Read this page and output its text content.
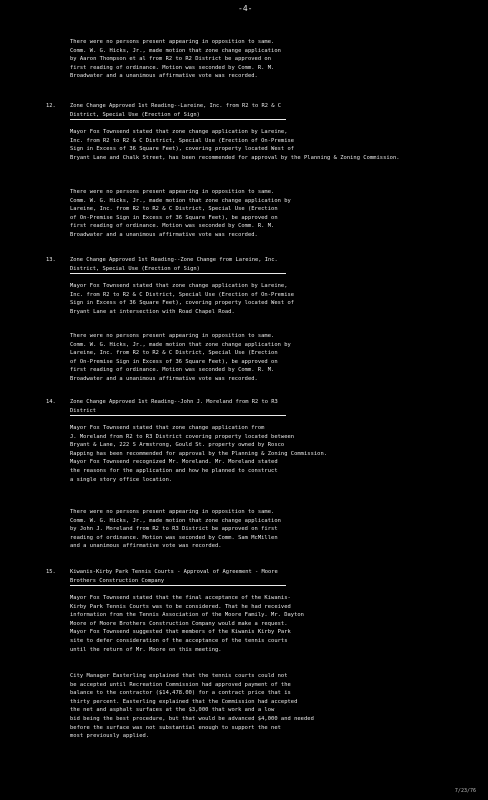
-4-
There were no persons present appearing in opposition to same.
Comm. W. G. Hicks, Jr., made motion that zone change application
by Aaron Thompson et al from R2 to R2 District be approved on
first reading of ordinance. Motion was seconded by Comm. R. M.
Broadwater and a unanimous affirmative vote was recorded.
12.	Zone Change Approved 1st Reading--Lareine, Inc. from R2 to R2 & C
District, Special Use (Erection of Sign)
Mayor Fox Townsend stated that zone change application by Lareine,
Inc. from R2 to R2 & C District, Special Use (Erection of On-Premise
Sign in Excess of 36 Square Feet), covering property located West of
Bryant Lane and Chalk Street, has been recommended for approval by the Planning & Zoning Commission.
There were no persons present appearing in opposition to same.
Comm. W. G. Hicks, Jr., made motion that zone change application by
Lareine, Inc. from R2 to R2 & C District, Special Use (Erection
of On-Premise Sign in Excess of 36 Square Feet), be approved on
first reading of ordinance. Motion was seconded by Comm. R. M.
Broadwater and a unanimous affirmative vote was recorded.
13.	Zone Change Approved 1st Reading--Zone Change from Lareine, Inc.
District, Special Use (Erection of Sign)
Mayor Fox Townsend stated that zone change application by Lareine,
Inc. from R2 to R2 & C District, Special Use (Erection of On-Premise
Sign in Excess of 36 Square Feet), covering property located West of
Bryant Lane at intersection with Road Chapel Road.
There were no persons present appearing in opposition to same.
Comm. W. G. Hicks, Jr., made motion that zone change application by
Lareine, Inc. from R2 to R2 & C District, Special Use (Erection
of On-Premise Sign in Excess of 36 Square Feet), be approved on
first reading of ordinance. Motion was seconded by Comm. R. M.
Broadwater and a unanimous affirmative vote was recorded.
14.	Zone Change Approved 1st Reading--John J. Moreland from R2 to R3
District
Mayor Fox Townsend stated that zone change application from
J. Moreland from R2 to R3 District covering property located between
Bryant & Lane, 222 S Armstrong, Gould St. property owned by Rosco
Rapping has been recommended for approval by the Planning & Zoning Commission.
Mayor Fox Townsend recognized Mr. Moreland. Mr. Moreland stated
the reasons for the application and how he planned to construct
a single story office location.
There were no persons present appearing in opposition to same.
Comm. W. G. Hicks, Jr., made motion that zone change application
by John J. Moreland from R2 to R3 District be approved on first
reading of ordinance. Motion was seconded by Comm. Sam McMillen
and a unanimous affirmative vote was recorded.
15.	Kiwanis-Kirby Park Tennis Courts - Approval of Agreement - Moore
Brothers Construction Company
Mayor Fox Townsend stated that the final acceptance of the Kiwanis-
Kirby Park Tennis Courts was to be considered. That he had received
information from the Tennis Association of the Moore Family. Mr. Dayton
Moore of Moore Brothers Construction Company would make a request.
Mayor Fox Townsend suggested that members of the Kiwanis Kirby Park
site to defer consideration of the acceptance of the tennis courts
until the return of Mr. Moore on this meeting.
City Manager Easterling explained that the tennis courts could not
be accepted until Recreation Commission had approved payment of the
balance to the contractor ($14,478.00) for a contract price that is
thirty percent. Easterling explained that the Commission had accepted
the net and asphalt surfaces at the $3,000 that work and a low
bid being the best procedure, but that would be advanced $4,000 and needed
before the surface was not substantial enough to support the net
most previously applied.
7/23/76
